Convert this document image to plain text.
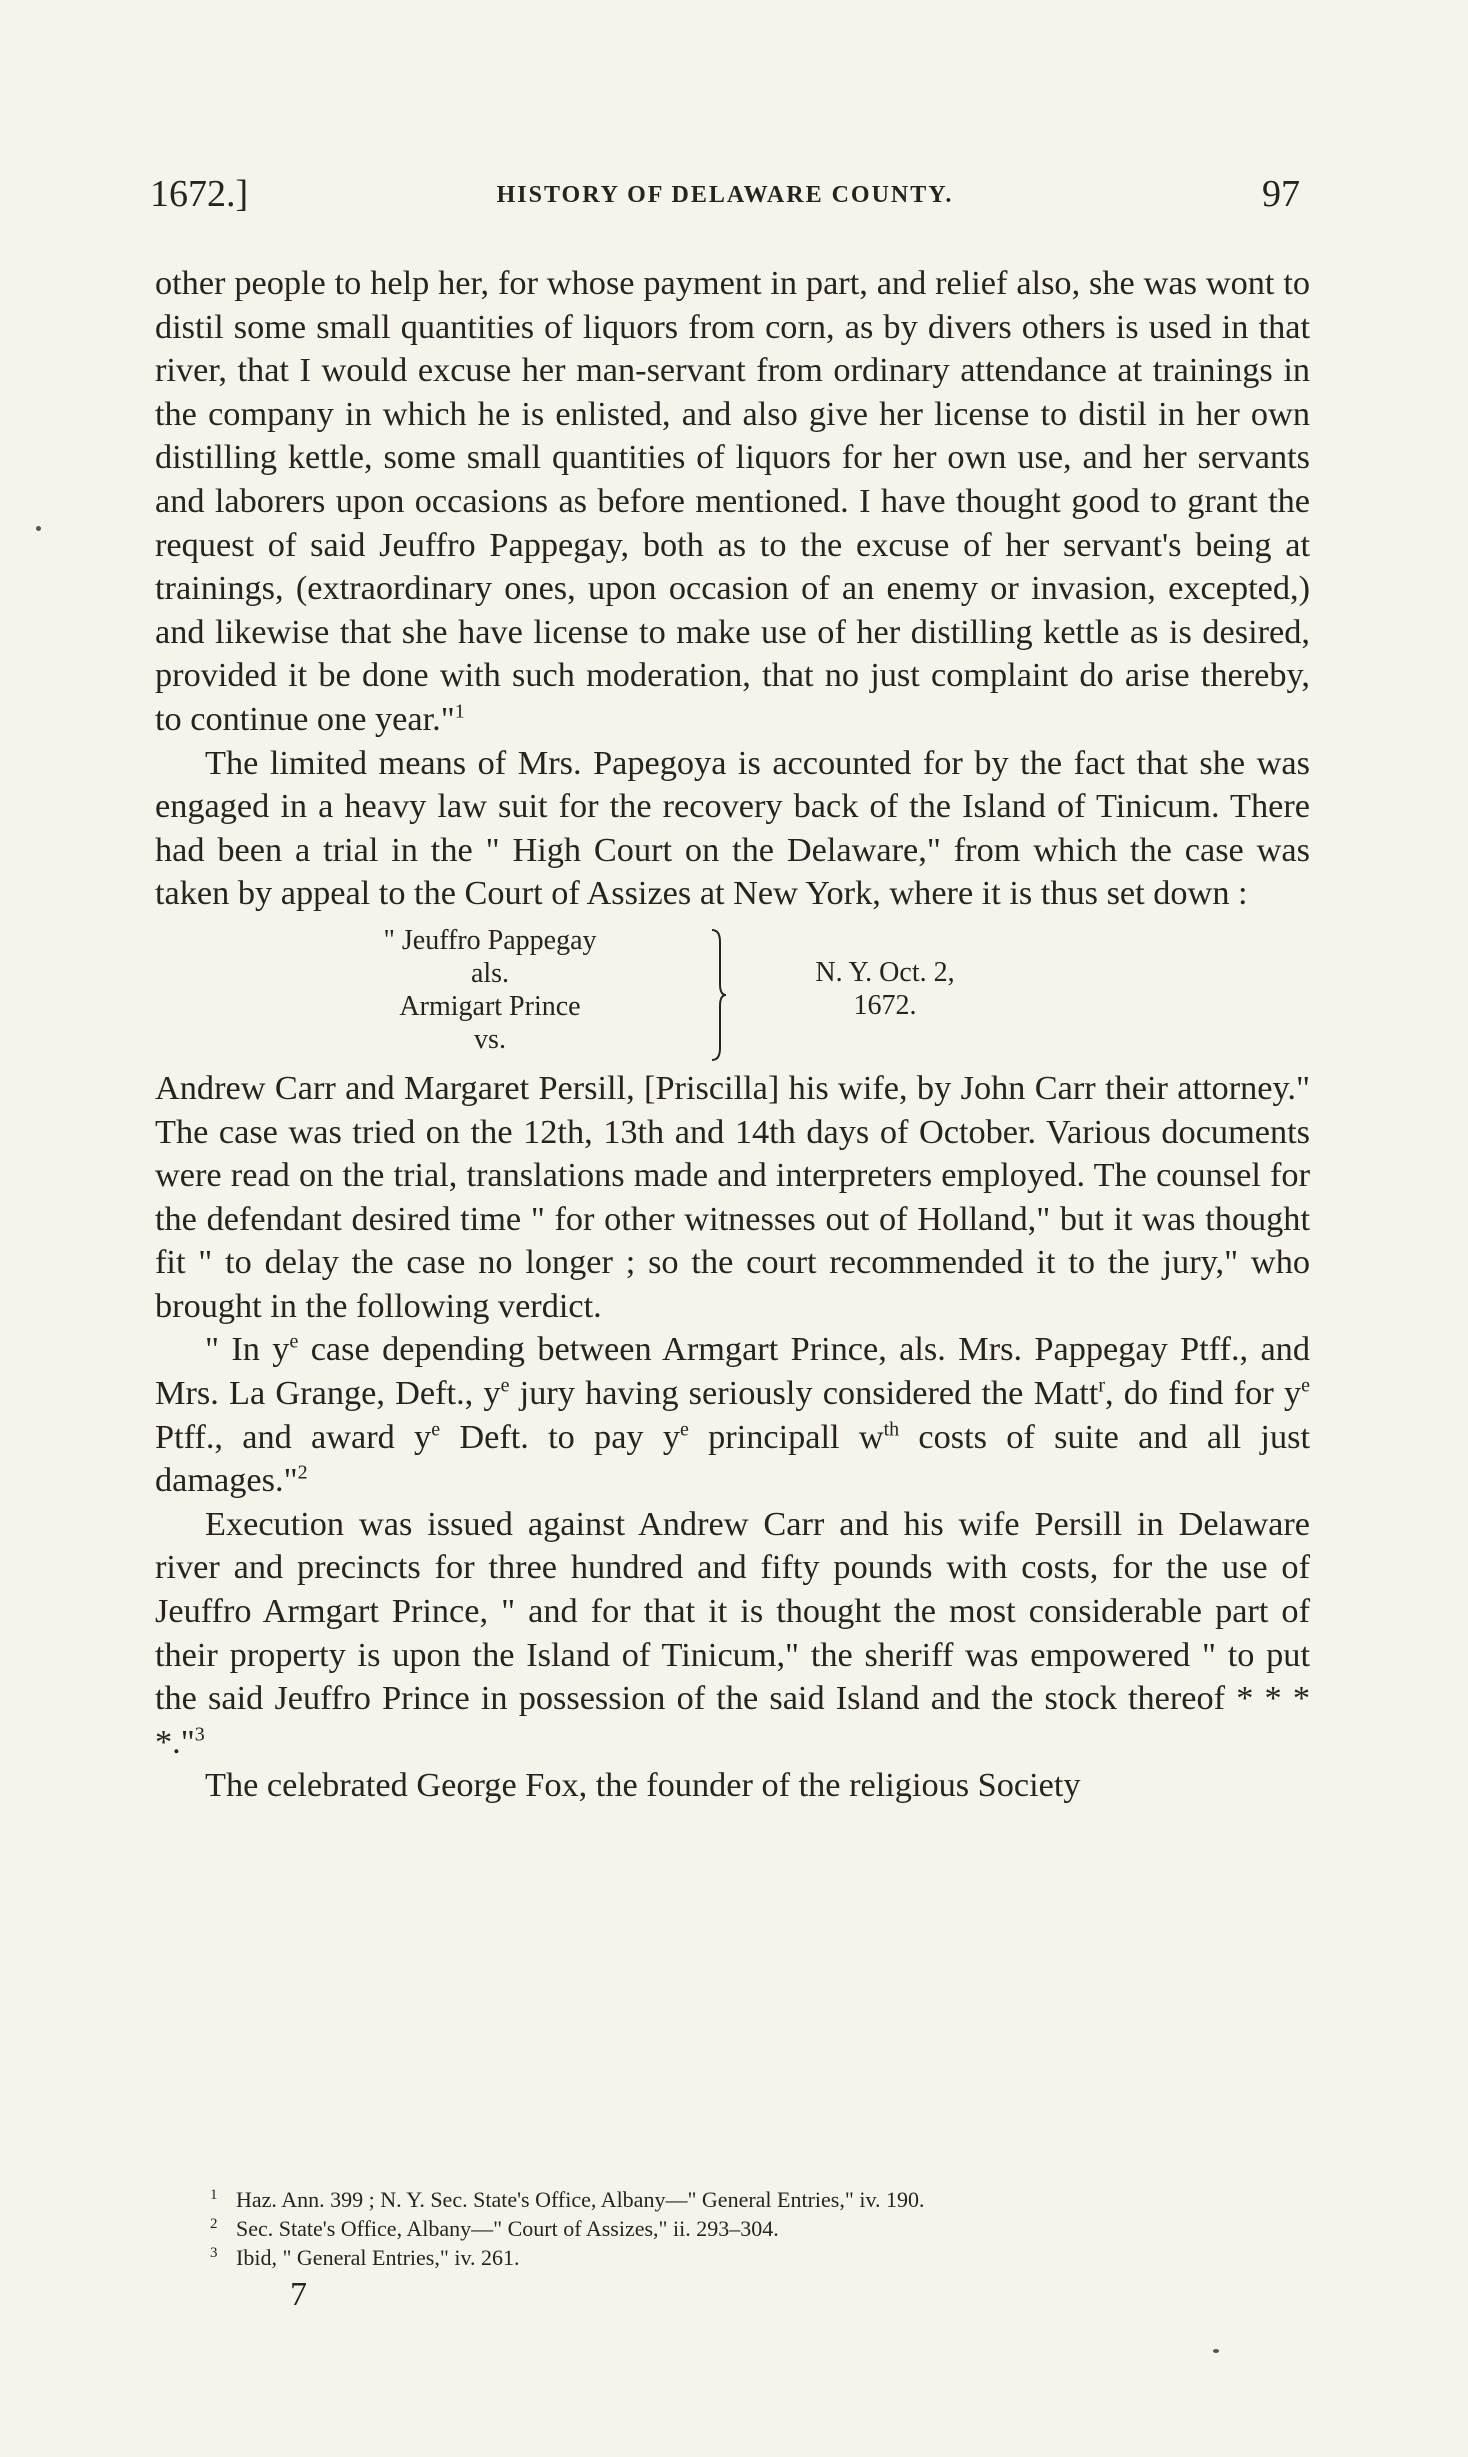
1672.]	HISTORY OF DELAWARE COUNTY.	97

other people to help her, for whose payment in part, and relief also, she was wont to distil some small quantities of liquors from corn, as by divers others is used in that river, that I would excuse her man-servant from ordinary attendance at trainings in the company in which he is enlisted, and also give her license to distil in her own distilling kettle, some small quantities of liquors for her own use, and her servants and laborers upon occasions as before mentioned. I have thought good to grant the request of said Jeuffro Pappegay, both as to the excuse of her servant's being at trainings, (extraordinary ones, upon occasion of an enemy or invasion, excepted,) and likewise that she have license to make use of her distilling kettle as is desired, provided it be done with such moderation, that no just complaint do arise thereby, to continue one year."$^1$

The limited means of Mrs. Papegoya is accounted for by the fact that she was engaged in a heavy law suit for the recovery back of the Island of Tinicum. There had been a trial in the " High Court on the Delaware," from which the case was taken by appeal to the Court of Assizes at New York, where it is thus set down :

" Jeuffro Pappegay
als.
Armigart Prince
vs.
N. Y. Oct. 2,
1672.

Andrew Carr and Margaret Persill, [Priscilla] his wife, by John Carr their attorney." The case was tried on the 12th, 13th and 14th days of October. Various documents were read on the trial, translations made and interpreters employed. The counsel for the defendant desired time " for other witnesses out of Holland," but it was thought fit " to delay the case no longer ; so the court recommended it to the jury," who brought in the following verdict.

" In $y^e$ case depending between Armgart Prince, als. Mrs. Pappegay Ptff., and Mrs. La Grange, Deft., $y^e$ jury having seriously considered the Matt$^r$, do find for $y^e$ Ptff., and award $y^e$ Deft. to pay $y^e$ principall $w^{th}$ costs of suite and all just damages."$^2$

Execution was issued against Andrew Carr and his wife Persill in Delaware river and precincts for three hundred and fifty pounds with costs, for the use of Jeuffro Armgart Prince, " and for that it is thought the most considerable part of their property is upon the Island of Tinicum," the sheriff was empowered " to put the said Jeuffro Prince in possession of the said Island and the stock thereof * * * *."$^3$

The celebrated George Fox, the founder of the religious Society

1 Haz. Ann. 399 ; N. Y. Sec. State's Office, Albany—" General Entries," iv. 190.
2 Sec. State's Office, Albany—" Court of Assizes," ii. 293–304.
3 Ibid, " General Entries," iv. 261.
7
